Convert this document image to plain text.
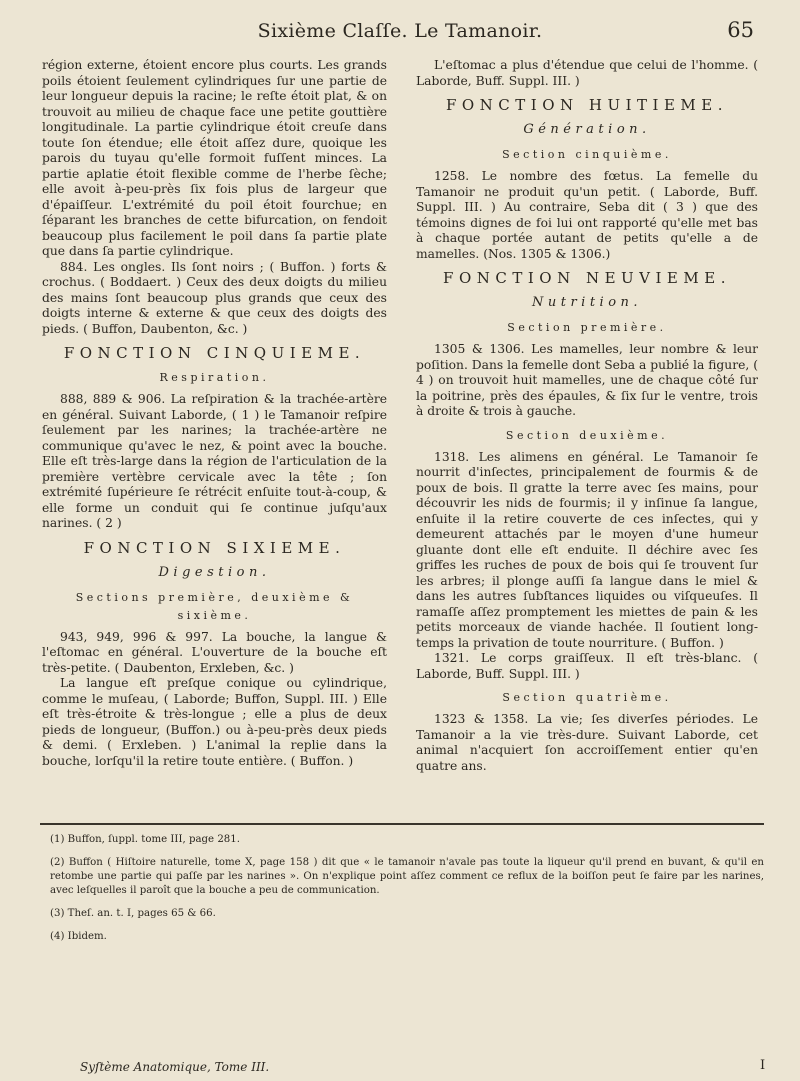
Sixième Claſſe. Le Tamanoir.	65

région externe, étoient encore plus courts. Les grands poils étoient ſeulement cylindriques ſur une partie de leur longueur depuis la racine; le reſte étoit plat, & on trouvoit au milieu de chaque face une petite gouttière longitudinale. La partie cylindrique étoit creuſe dans toute ſon étendue; elle étoit aſſez dure, quoique les parois du tuyau qu'elle formoit fuſſent minces. La partie aplatie étoit flexible comme de l'herbe ſèche; elle avoit à-peu-près ſix fois plus de largeur que d'épaiſſeur. L'extrémité du poil étoit fourchue; en ſéparant les branches de cette bifurcation, on fendoit beaucoup plus facilement le poil dans ſa partie plate que dans ſa partie cylindrique.

884. Les ongles. Ils ſont noirs ; ( Buffon. ) forts & crochus. ( Boddaert. ) Ceux des deux doigts du milieu des mains ſont beaucoup plus grands que ceux des doigts interne & externe & que ceux des doigts des pieds. ( Buffon, Daubenton, &c. )

FONCTION CINQUIEME.
Respiration.

888, 889 & 906. La reſpiration & la trachée-artère en général. Suivant Laborde, ( 1 ) le Tamanoir reſpire ſeulement par les narines; la trachée-artère ne communique qu'avec le nez, & point avec la bouche. Elle eſt très-large dans la région de l'articulation de la première vertèbre cervicale avec la tête ; ſon extrémité ſupérieure ſe rétrécit enſuite tout-à-coup, & elle forme un conduit qui ſe continue juſqu'aux narines. ( 2 )

FONCTION SIXIEME.
Digestion.
Sections première, deuxième & sixième.

943, 949, 996 & 997. La bouche, la langue & l'eſtomac en général. L'ouverture de la bouche eſt très-petite. ( Daubenton, Erxleben, &c. )

La langue eſt preſque conique ou cylindrique, comme le muſeau, ( Laborde; Buffon, Suppl. III. ) Elle eſt très-étroite & très-longue ; elle a plus de deux pieds de longueur, (Buffon.) ou à-peu-près deux pieds & demi. ( Erxleben. ) L'animal la replie dans la bouche, lorſqu'il la retire toute entière. ( Buffon. )

L'eſtomac a plus d'étendue que celui de l'homme. ( Laborde, Buff. Suppl. III. )

FONCTION HUITIEME.
Génération.
Section cinquième.

1258. Le nombre des fœtus. La femelle du Tamanoir ne produit qu'un petit. ( Laborde, Buff. Suppl. III. ) Au contraire, Seba dit ( 3 ) que des témoins dignes de foi lui ont rapporté qu'elle met bas à chaque portée autant de petits qu'elle a de mamelles. (Nos. 1305 & 1306.)

FONCTION NEUVIEME.
Nutrition.
Section première.

1305 & 1306. Les mamelles, leur nombre & leur poſition. Dans la femelle dont Seba a publié la figure, ( 4 ) on trouvoit huit mamelles, une de chaque côté ſur la poitrine, près des épaules, & ſix ſur le ventre, trois à droite & trois à gauche.

Section deuxième.

1318. Les alimens en général. Le Tamanoir ſe nourrit d'inſectes, principalement de fourmis & de poux de bois. Il gratte la terre avec ſes mains, pour découvrir les nids de fourmis; il y inſinue ſa langue, enſuite il la retire couverte de ces inſectes, qui y demeurent attachés par le moyen d'une humeur gluante dont elle eſt enduite. Il déchire avec ſes griffes les ruches de poux de bois qui ſe trouvent ſur les arbres; il plonge auſſi ſa langue dans le miel & dans les autres ſubſtances liquides ou viſqueuſes. Il ramaſſe aſſez promptement les miettes de pain & les petits morceaux de viande hachée. Il ſoutient long-temps la privation de toute nourriture. ( Buffon. )

1321. Le corps graiſſeux. Il eſt très-blanc. ( Laborde, Buff. Suppl. III. )

Section quatrième.

1323 & 1358. La vie; ſes diverſes périodes. Le Tamanoir a la vie très-dure. Suivant Laborde, cet animal n'acquiert ſon accroiſſement entier qu'en quatre ans.

(1) Buffon, ſuppl. tome III, page 281.

(2) Buffon ( Hiſtoire naturelle, tome X, page 158 ) dit que « le tamanoir n'avale pas toute la liqueur qu'il prend en buvant, & qu'il en retombe une partie qui paſſe par les narines ». On n'explique point aſſez comment ce reflux de la boiſſon peut ſe faire par les narines, avec leſquelles il paroît que la bouche a peu de communication.

(3) Theſ. an. t. I, pages 65 & 66.

(4) Ibidem.

Syſtème Anatomique, Tome III.	I
